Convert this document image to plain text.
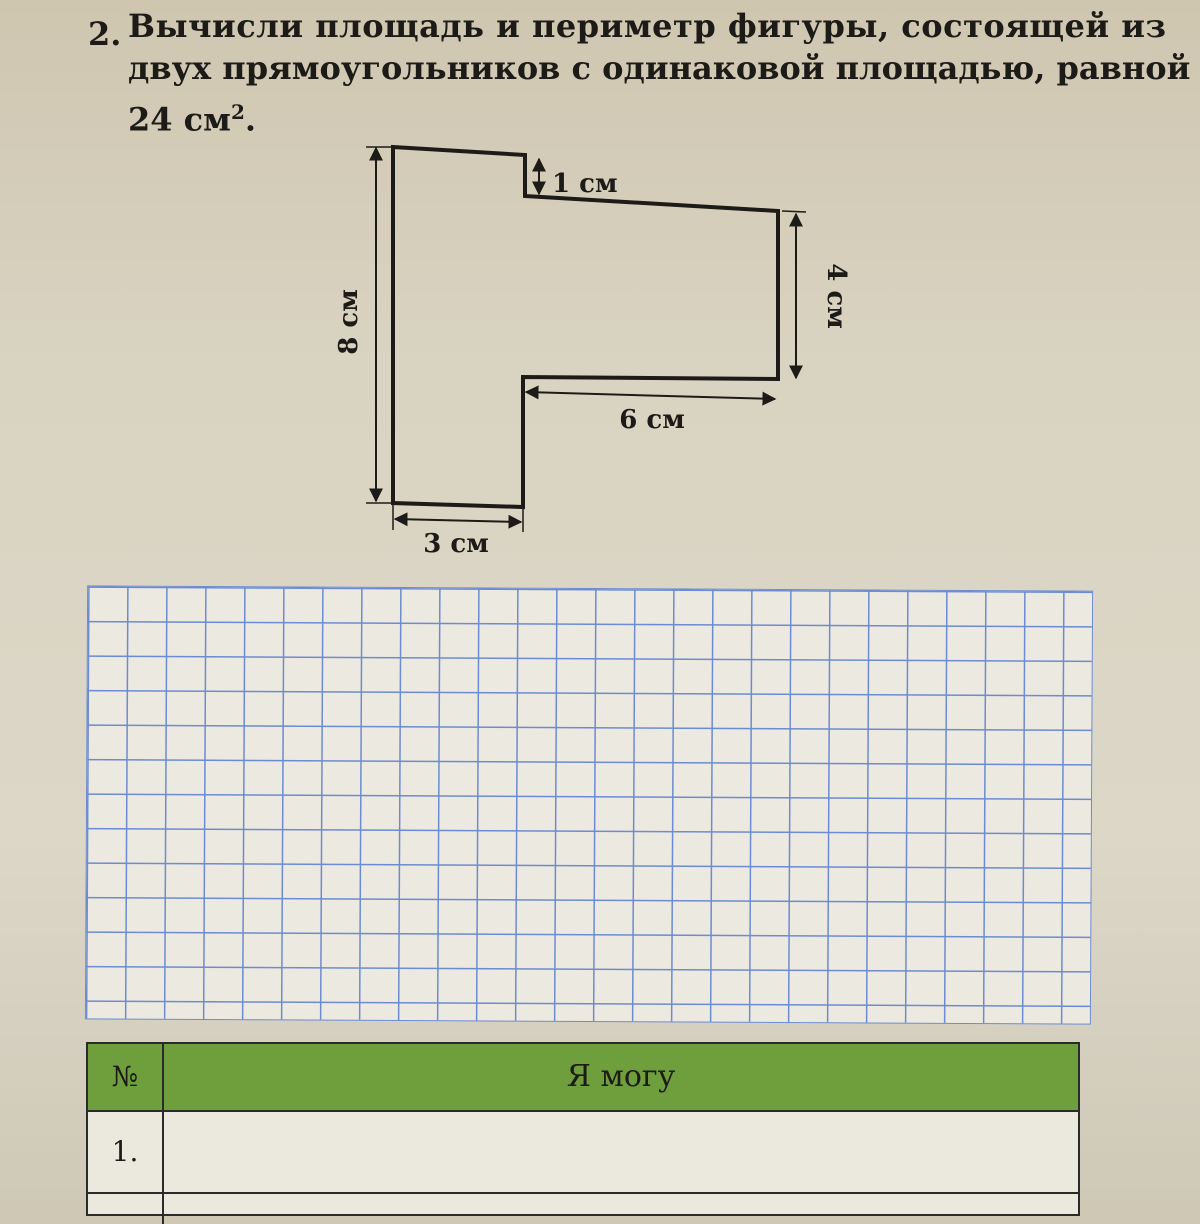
2. Вычисли площадь и периметр фигуры, состоящей из
двух прямоугольников с одинаковой площадью, равной
24 $см^2$.
8 см
1 см
4 см
6 см
3 см
№	Я могу
1.
